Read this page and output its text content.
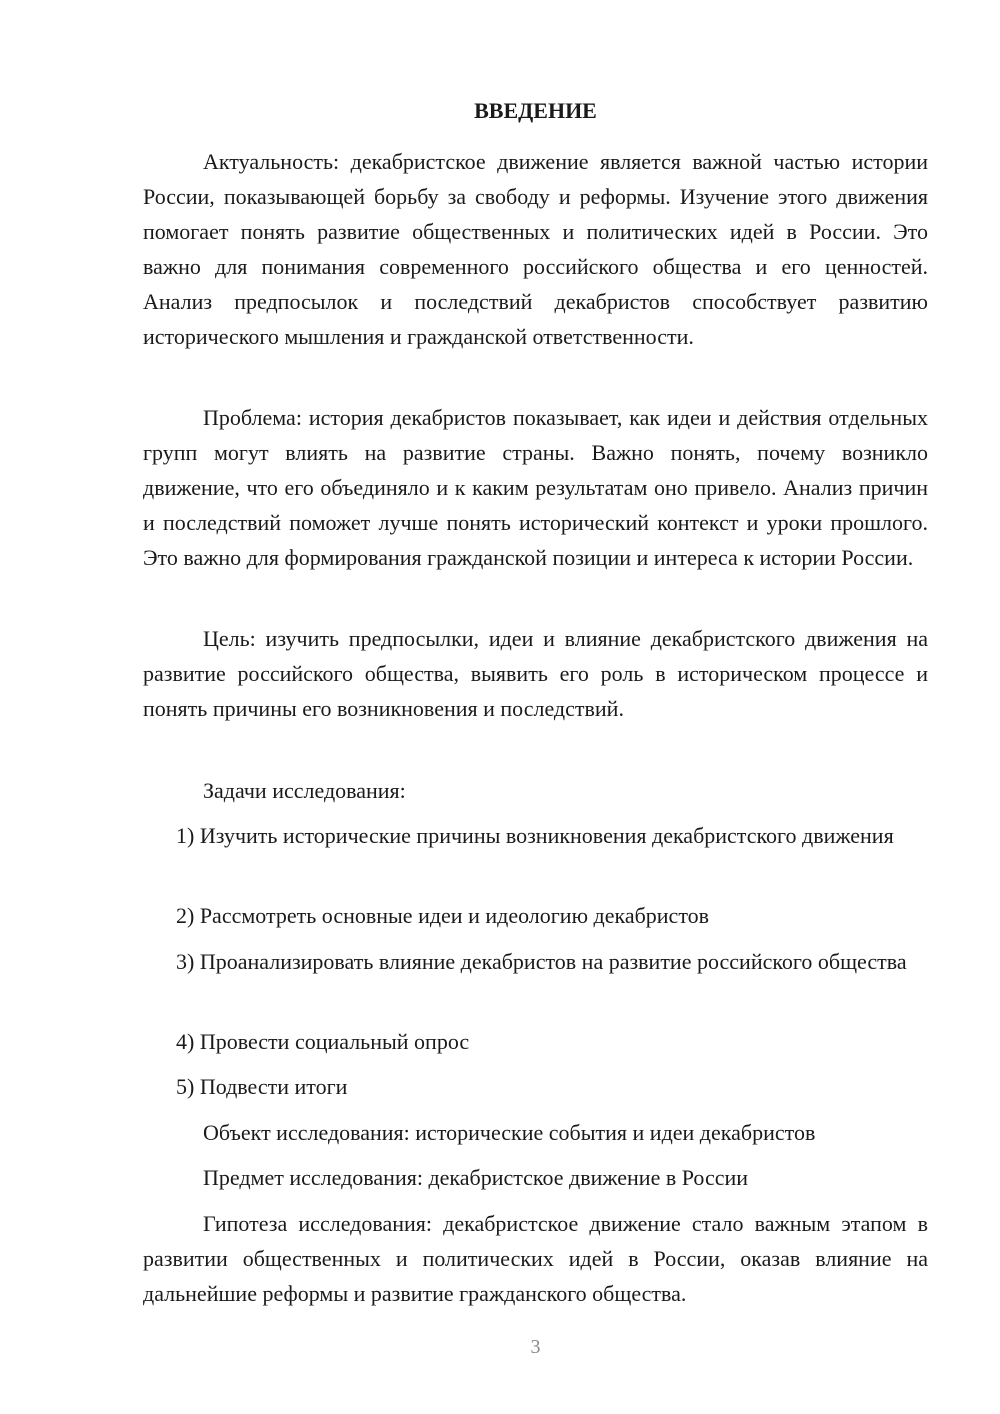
ВВЕДЕНИЕ

Актуальность: декабристское движение является важной частью истории России, показывающей борьбу за свободу и реформы. Изучение этого движения помогает понять развитие общественных и политических идей в России. Это важно для понимания современного российского общества и его ценностей. Анализ предпосылок и последствий декабристов способствует развитию исторического мышления и гражданской ответственности.

Проблема: история декабристов показывает, как идеи и действия отдельных групп могут влиять на развитие страны. Важно понять, почему возникло движение, что его объединяло и к каким результатам оно привело. Анализ причин и последствий поможет лучше понять исторический контекст и уроки прошлого. Это важно для формирования гражданской позиции и интереса к истории России.

Цель: изучить предпосылки, идеи и влияние декабристского движения на развитие российского общества, выявить его роль в историческом процессе и понять причины его возникновения и последствий.

Задачи исследования:

1) Изучить исторические причины возникновения декабристского движения

2) Рассмотреть основные идеи и идеологию декабристов

3) Проанализировать влияние декабристов на развитие российского общества

4) Провести социальный опрос

5) Подвести итоги

Объект исследования: исторические события и идеи декабристов

Предмет исследования: декабристское движение в России

Гипотеза исследования: декабристское движение стало важным этапом в развитии общественных и политических идей в России, оказав влияние на дальнейшие реформы и развитие гражданского общества.

3
